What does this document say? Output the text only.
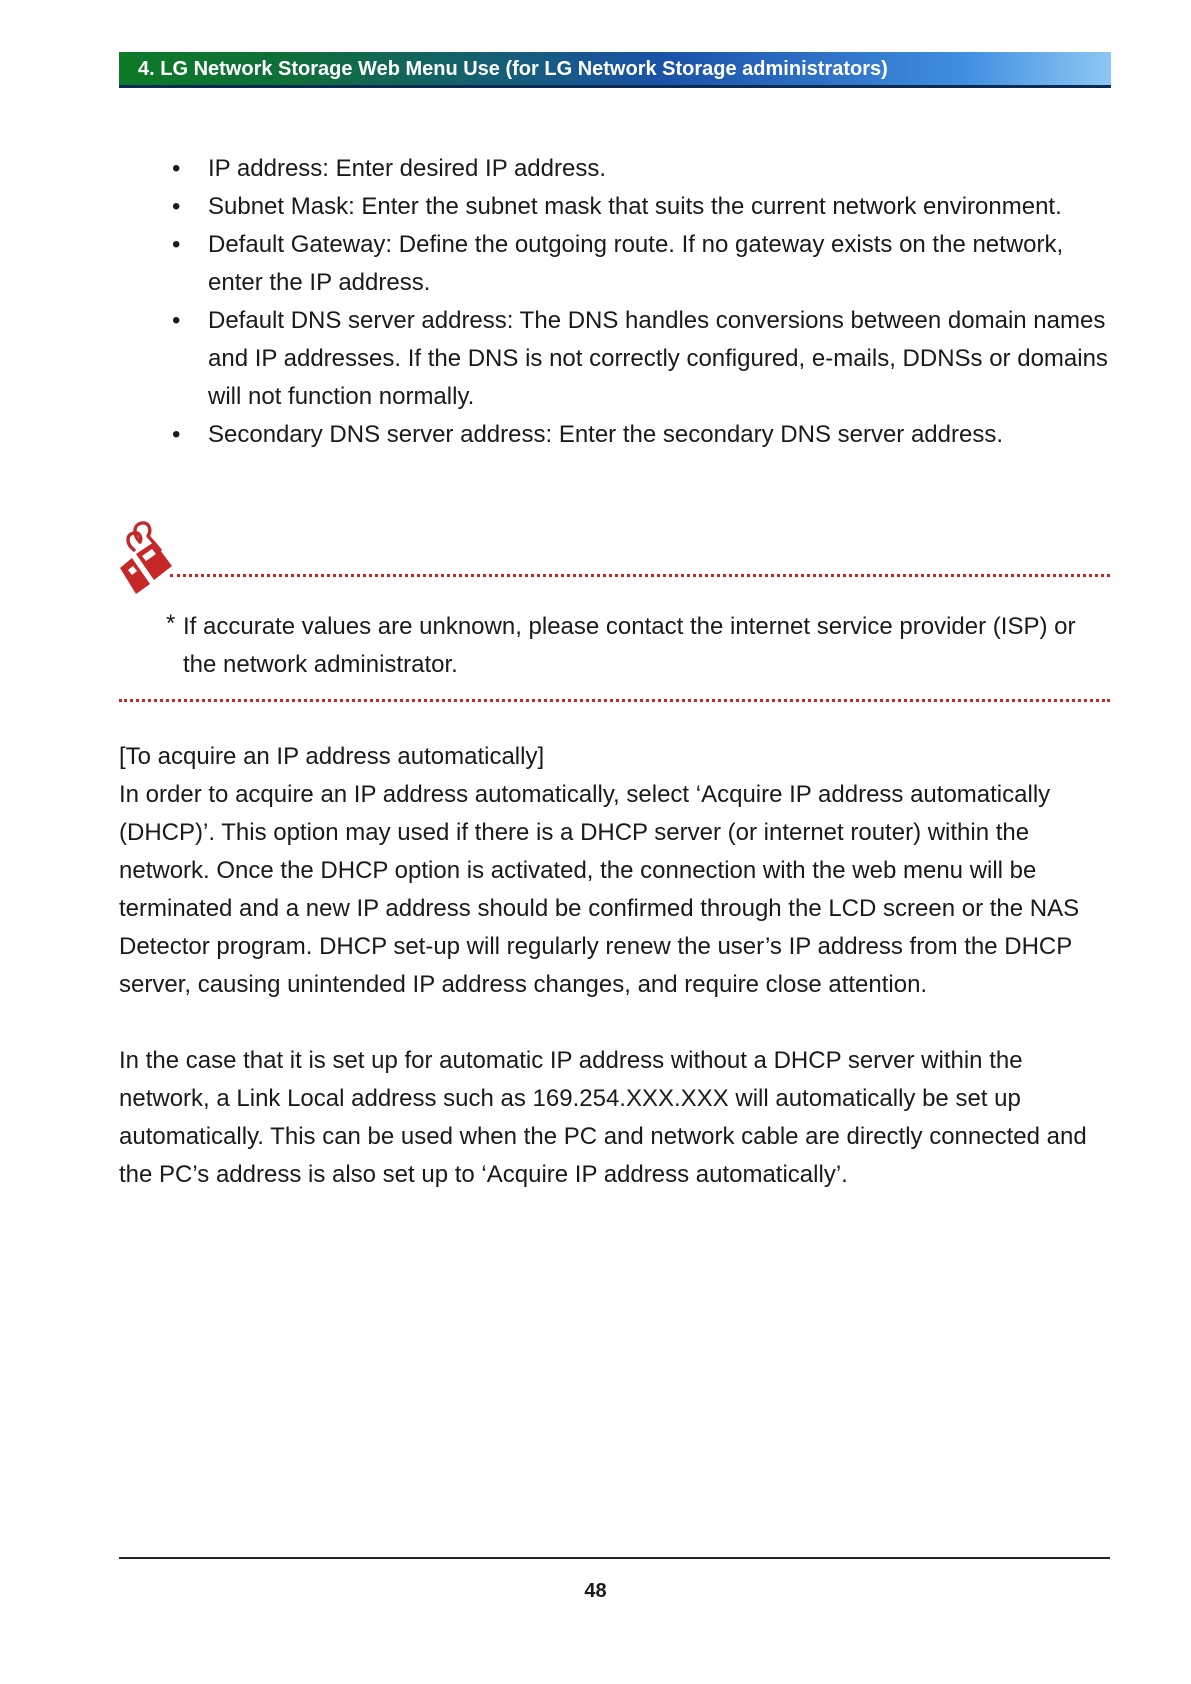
4. LG Network Storage Web Menu Use (for LG Network Storage administrators)
• IP address: Enter desired IP address.
• Subnet Mask: Enter the subnet mask that suits the current network environment.
• Default Gateway: Define the outgoing route. If no gateway exists on the network, enter the IP address.
• Default DNS server address: The DNS handles conversions between domain names and IP addresses. If the DNS is not correctly configured, e-mails, DDNSs or domains will not function normally.
• Secondary DNS server address: Enter the secondary DNS server address.
* If accurate values are unknown, please contact the internet service provider (ISP) or the network administrator.

[To acquire an IP address automatically]

In order to acquire an IP address automatically, select ‘Acquire IP address automatically (DHCP)’. This option may used if there is a DHCP server (or internet router) within the network. Once the DHCP option is activated, the connection with the web menu will be terminated and a new IP address should be confirmed through the LCD screen or the NAS Detector program. DHCP set-up will regularly renew the user’s IP address from the DHCP server, causing unintended IP address changes, and require close attention.

In the case that it is set up for automatic IP address without a DHCP server within the network, a Link Local address such as 169.254.XXX.XXX will automatically be set up automatically. This can be used when the PC and network cable are directly connected and the PC’s address is also set up to ‘Acquire IP address automatically’.

48
